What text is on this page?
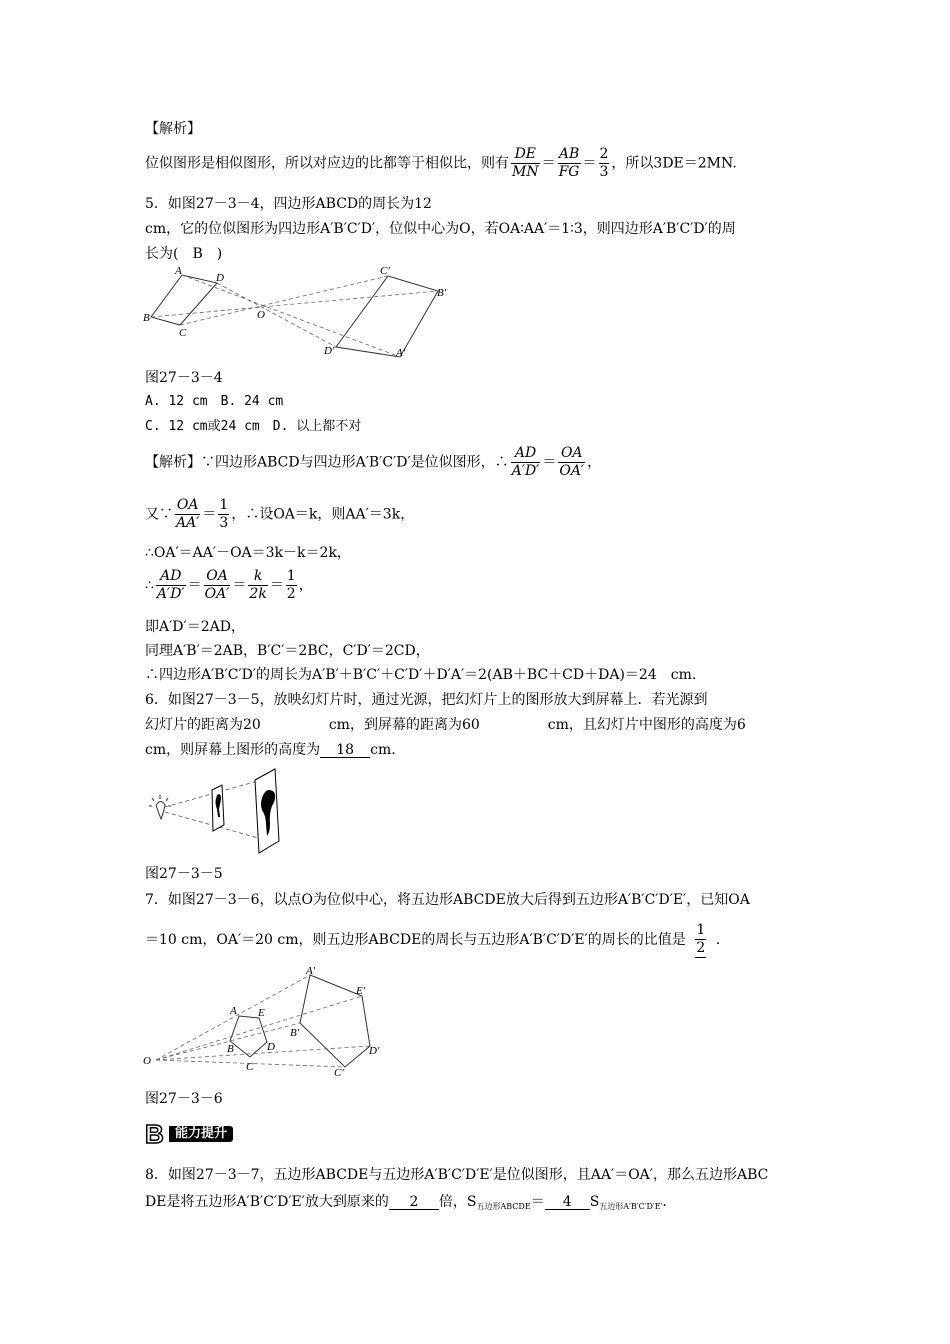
【解析】
位似图形是相似图形，所以对应边的比都等于相似比，则有 $\frac{DE}{MN} = \frac{AB}{FG} = \frac{2}{3}$ ，所以3DE＝2MN.
5．如图27－3－4，四边形ABCD的周长为12
cm，它的位似图形为四边形A′B′C′D′，位似中心为O，若OA∶AA′＝1∶3，则四边形A′B′C′D′的周
长为(　B　)
A
D
B
C
O
C′
B′
D′	A′
图27－3－4
A. 12 cm　B. 24 cm
C. 12 cm或24 cm　D. 以上都不对
【解析】∵四边形ABCD与四边形A′B′C′D′是位似图形，∴ $\frac{AD}{A'D'} = \frac{OA}{OA'}$ ，
又∵ $\frac{OA}{AA'} = \frac{1}{3}$ ，∴设OA＝k，则AA′＝3k，
∴OA′＝AA′－OA＝3k－k＝2k，
∴ $\frac{AD}{A'D'} = \frac{OA}{OA'} = \frac{k}{2k} = \frac{1}{2}$ ，
即A′D′＝2AD，
同理A′B′＝2AB，B′C′＝2BC，C′D′＝2CD，
∴四边形A′B′C′D′的周长为A′B′＋B′C′＋C′D′＋D′A′＝2(AB＋BC＋CD＋DA)＝24　cm.
6．如图27－3－5，放映幻灯片时，通过光源，把幻灯片上的图形放大到屏幕上．若光源到
幻灯片的距离为20	cm，到屏幕的距离为60	cm，且幻灯片中图形的高度为6
cm，则屏幕上图形的高度为 18 cm.
图27－3－5
7．如图27－3－6，以点O为位似中心，将五边形ABCDE放大后得到五边形A′B′C′D′E′，已知OA
＝10 cm，OA′＝20 cm，则五边形ABCDE的周长与五边形A′B′C′D′E′的周长的比值是 $\frac{1}{2}$ .
A′
E′
A E
B′
B	D	D′
O	C	C′
图27－3－6
B 能力提升
8．如图27－3－7，五边形ABCDE与五边形A′B′C′D′E′是位似图形，且AA′＝OA′，那么五边形ABC
DE是将五边形A′B′C′D′E′放大到原来的 2 倍，$S_{五边形ABCDE}= 4$ $S_{五边形A'B'C'D'E'}$.
